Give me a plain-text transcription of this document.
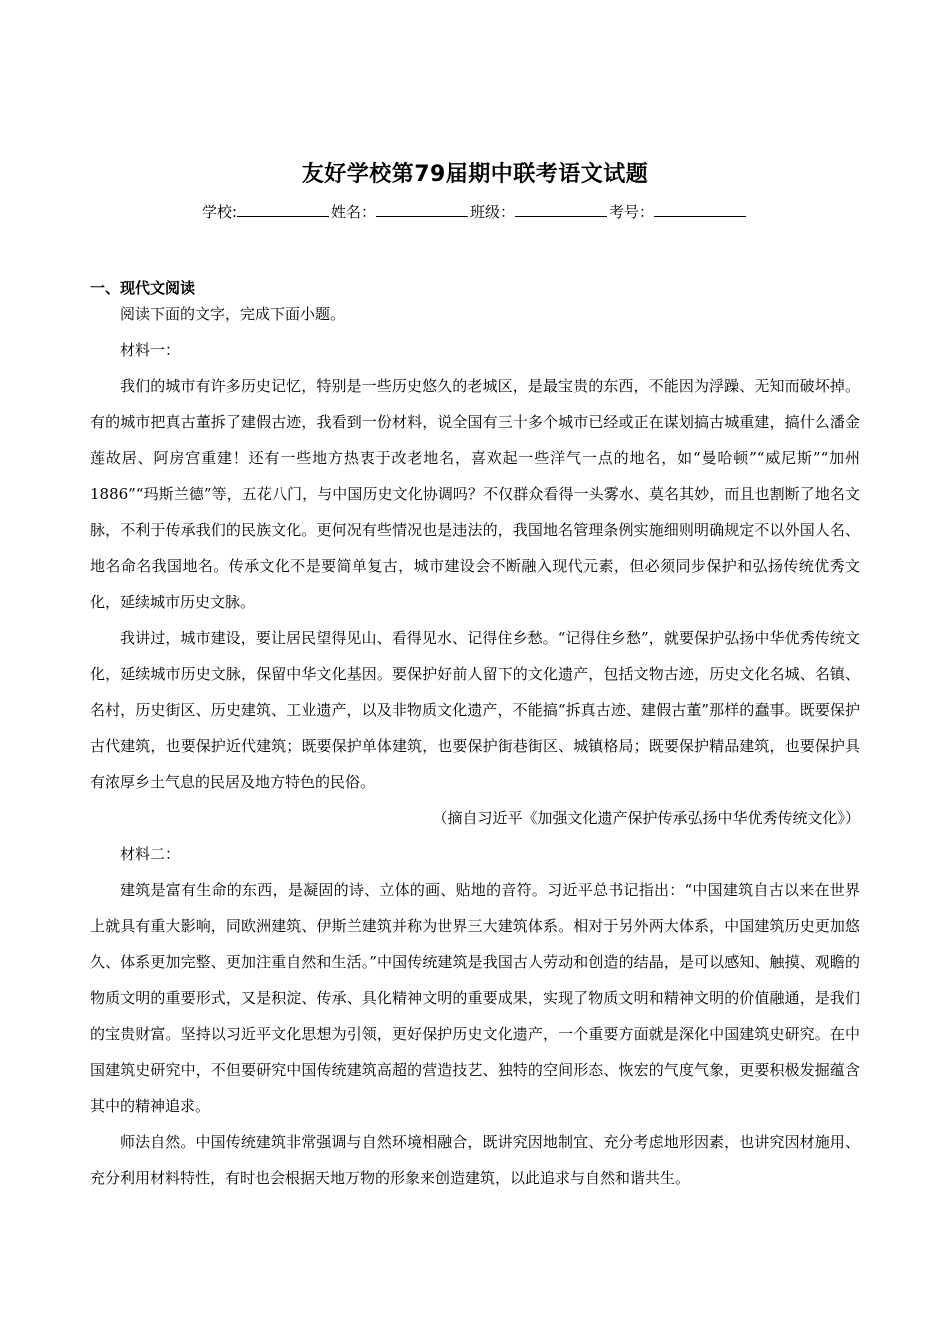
友好学校第79届期中联考语文试题
学校:	姓名：	班级：	考号：
一、现代文阅读

阅读下面的文字，完成下面小题。

材料一：

我们的城市有许多历史记忆，特别是一些历史悠久的老城区，是最宝贵的东西，不能因为浮躁、无知而破坏掉。有的城市把真古董拆了建假古迹，我看到一份材料，说全国有三十多个城市已经或正在谋划搞古城重建，搞什么潘金莲故居、阿房宫重建！还有一些地方热衷于改老地名，喜欢起一些洋气一点的地名，如“曼哈顿”“威尼斯”“加州1886”“玛斯兰德”等，五花八门，与中国历史文化协调吗？不仅群众看得一头雾水、莫名其妙，而且也割断了地名文脉，不利于传承我们的民族文化。更何况有些情况也是违法的，我国地名管理条例实施细则明确规定不以外国人名、地名命名我国地名。传承文化不是要简单复古，城市建设会不断融入现代元素，但必须同步保护和弘扬传统优秀文化，延续城市历史文脉。

我讲过，城市建设，要让居民望得见山、看得见水、记得住乡愁。“记得住乡愁”，就要保护弘扬中华优秀传统文化，延续城市历史文脉，保留中华文化基因。要保护好前人留下的文化遗产，包括文物古迹，历史文化名城、名镇、名村，历史街区、历史建筑、工业遗产，以及非物质文化遗产，不能搞“拆真古迹、建假古董”那样的蠢事。既要保护古代建筑，也要保护近代建筑；既要保护单体建筑，也要保护街巷街区、城镇格局；既要保护精品建筑，也要保护具有浓厚乡土气息的民居及地方特色的民俗。

（摘自习近平《加强文化遗产保护传承弘扬中华优秀传统文化》）

材料二：

建筑是富有生命的东西，是凝固的诗、立体的画、贴地的音符。习近平总书记指出：“中国建筑自古以来在世界上就具有重大影响，同欧洲建筑、伊斯兰建筑并称为世界三大建筑体系。相对于另外两大体系，中国建筑历史更加悠久、体系更加完整、更加注重自然和生活。”中国传统建筑是我国古人劳动和创造的结晶，是可以感知、触摸、观瞻的物质文明的重要形式，又是积淀、传承、具化精神文明的重要成果，实现了物质文明和精神文明的价值融通，是我们的宝贵财富。坚持以习近平文化思想为引领，更好保护历史文化遗产，一个重要方面就是深化中国建筑史研究。在中国建筑史研究中，不但要研究中国传统建筑高超的营造技艺、独特的空间形态、恢宏的气度气象，更要积极发掘蕴含其中的精神追求。

师法自然。中国传统建筑非常强调与自然环境相融合，既讲究因地制宜、充分考虑地形因素，也讲究因材施用、充分利用材料特性，有时也会根据天地万物的形象来创造建筑，以此追求与自然和谐共生。
